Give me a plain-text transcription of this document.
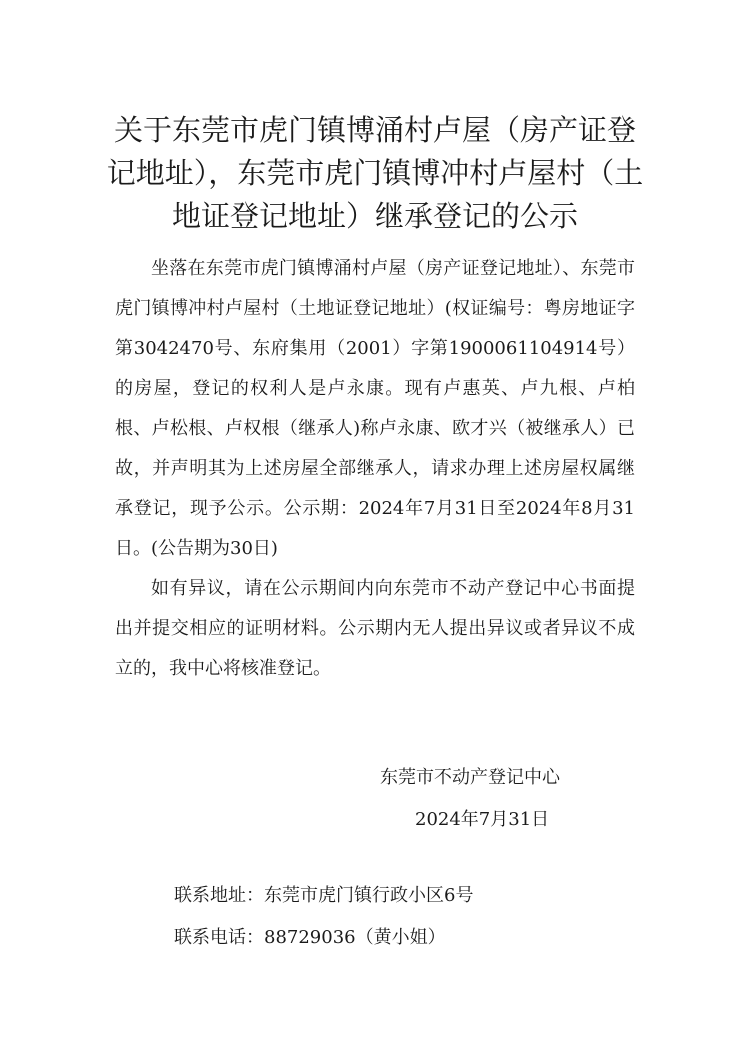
关于东莞市虎门镇博涌村卢屋（房产证登记地址），东莞市虎门镇博冲村卢屋村（土地证登记地址）继承登记的公示

坐落在东莞市虎门镇博涌村卢屋（房产证登记地址）、东莞市虎门镇博冲村卢屋村（土地证登记地址）(权证编号：粤房地证字第3042470号、东府集用（2001）字第1900061104914号）的房屋，登记的权利人是卢永康。现有卢惠英、卢九根、卢柏根、卢松根、卢权根（继承人)称卢永康、欧才兴（被继承人）已故，并声明其为上述房屋全部继承人，请求办理上述房屋权属继承登记，现予公示。公示期：2024年7月31日至2024年8月31日。(公告期为30日)

如有异议，请在公示期间内向东莞市不动产登记中心书面提出并提交相应的证明材料。公示期内无人提出异议或者异议不成立的，我中心将核准登记。

东莞市不动产登记中心
2024年7月31日
联系地址：东莞市虎门镇行政小区6号
联系电话：88729036（黄小姐）
